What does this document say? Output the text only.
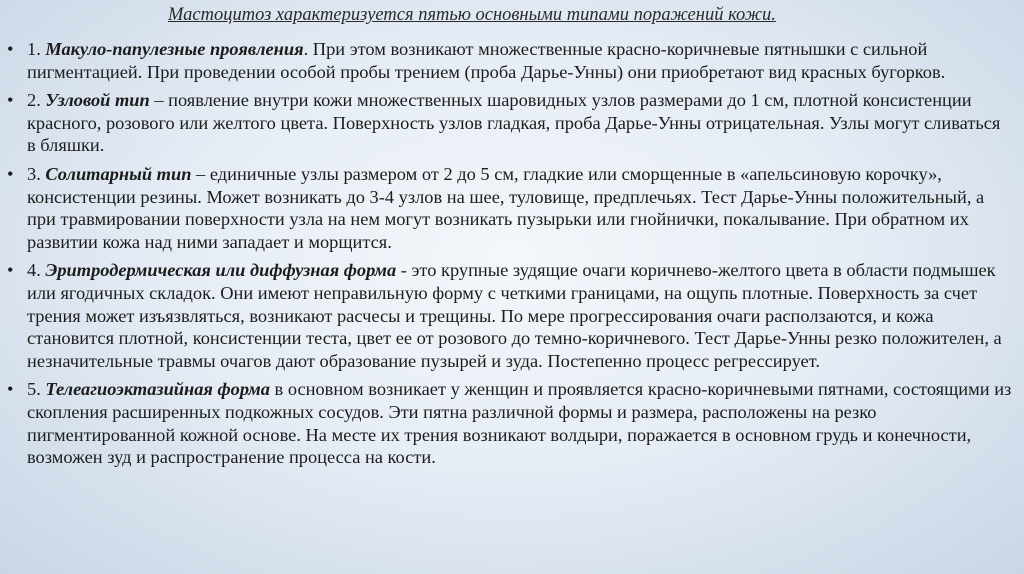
Мастоцитоз характеризуется пятью основными типами поражений кожи.
• 1. Макуло-папулезные проявления. При этом возникают множественные красно-коричневые пятнышки с сильной пигментацией. При проведении особой пробы трением (проба Дарье-Унны) они приобретают вид красных бугорков.
• 2. Узловой тип – появление внутри кожи множественных шаровидных узлов размерами до 1 см, плотной консистенции красного, розового или желтого цвета. Поверхность узлов гладкая, проба Дарье-Унны отрицательная. Узлы могут сливаться в бляшки.
• 3. Солитарный тип – единичные узлы размером от 2 до 5 см, гладкие или сморщенные в «апельсиновую корочку», консистенции резины. Может возникать до 3-4 узлов на шее, туловище, предплечьях. Тест Дарье-Унны положительный, а при травмировании поверхности узла на нем могут возникать пузырьки или гнойнички, покалывание. При обратном их развитии кожа над ними западает и морщится.
• 4. Эритродермическая или диффузная форма - это крупные зудящие очаги коричнево-желтого цвета в области подмышек или ягодичных складок. Они имеют неправильную форму с четкими границами, на ощупь плотные. Поверхность за счет трения может изъязвляться, возникают расчесы и трещины. По мере прогрессирования очаги расползаются, и кожа становится плотной, консистенции теста, цвет ее от розового до темно-коричневого. Тест Дарье-Унны резко положителен, а незначительные травмы очагов дают образование пузырей и зуда. Постепенно процесс регрессирует.
• 5. Телеагиоэктазийная форма в основном возникает у женщин и проявляется красно-коричневыми пятнами, состоящими из скопления расширенных подкожных сосудов. Эти пятна различной формы и размера, расположены на резко пигментированной кожной основе. На месте их трения возникают волдыри, поражается в основном грудь и конечности, возможен зуд и распространение процесса на кости.
